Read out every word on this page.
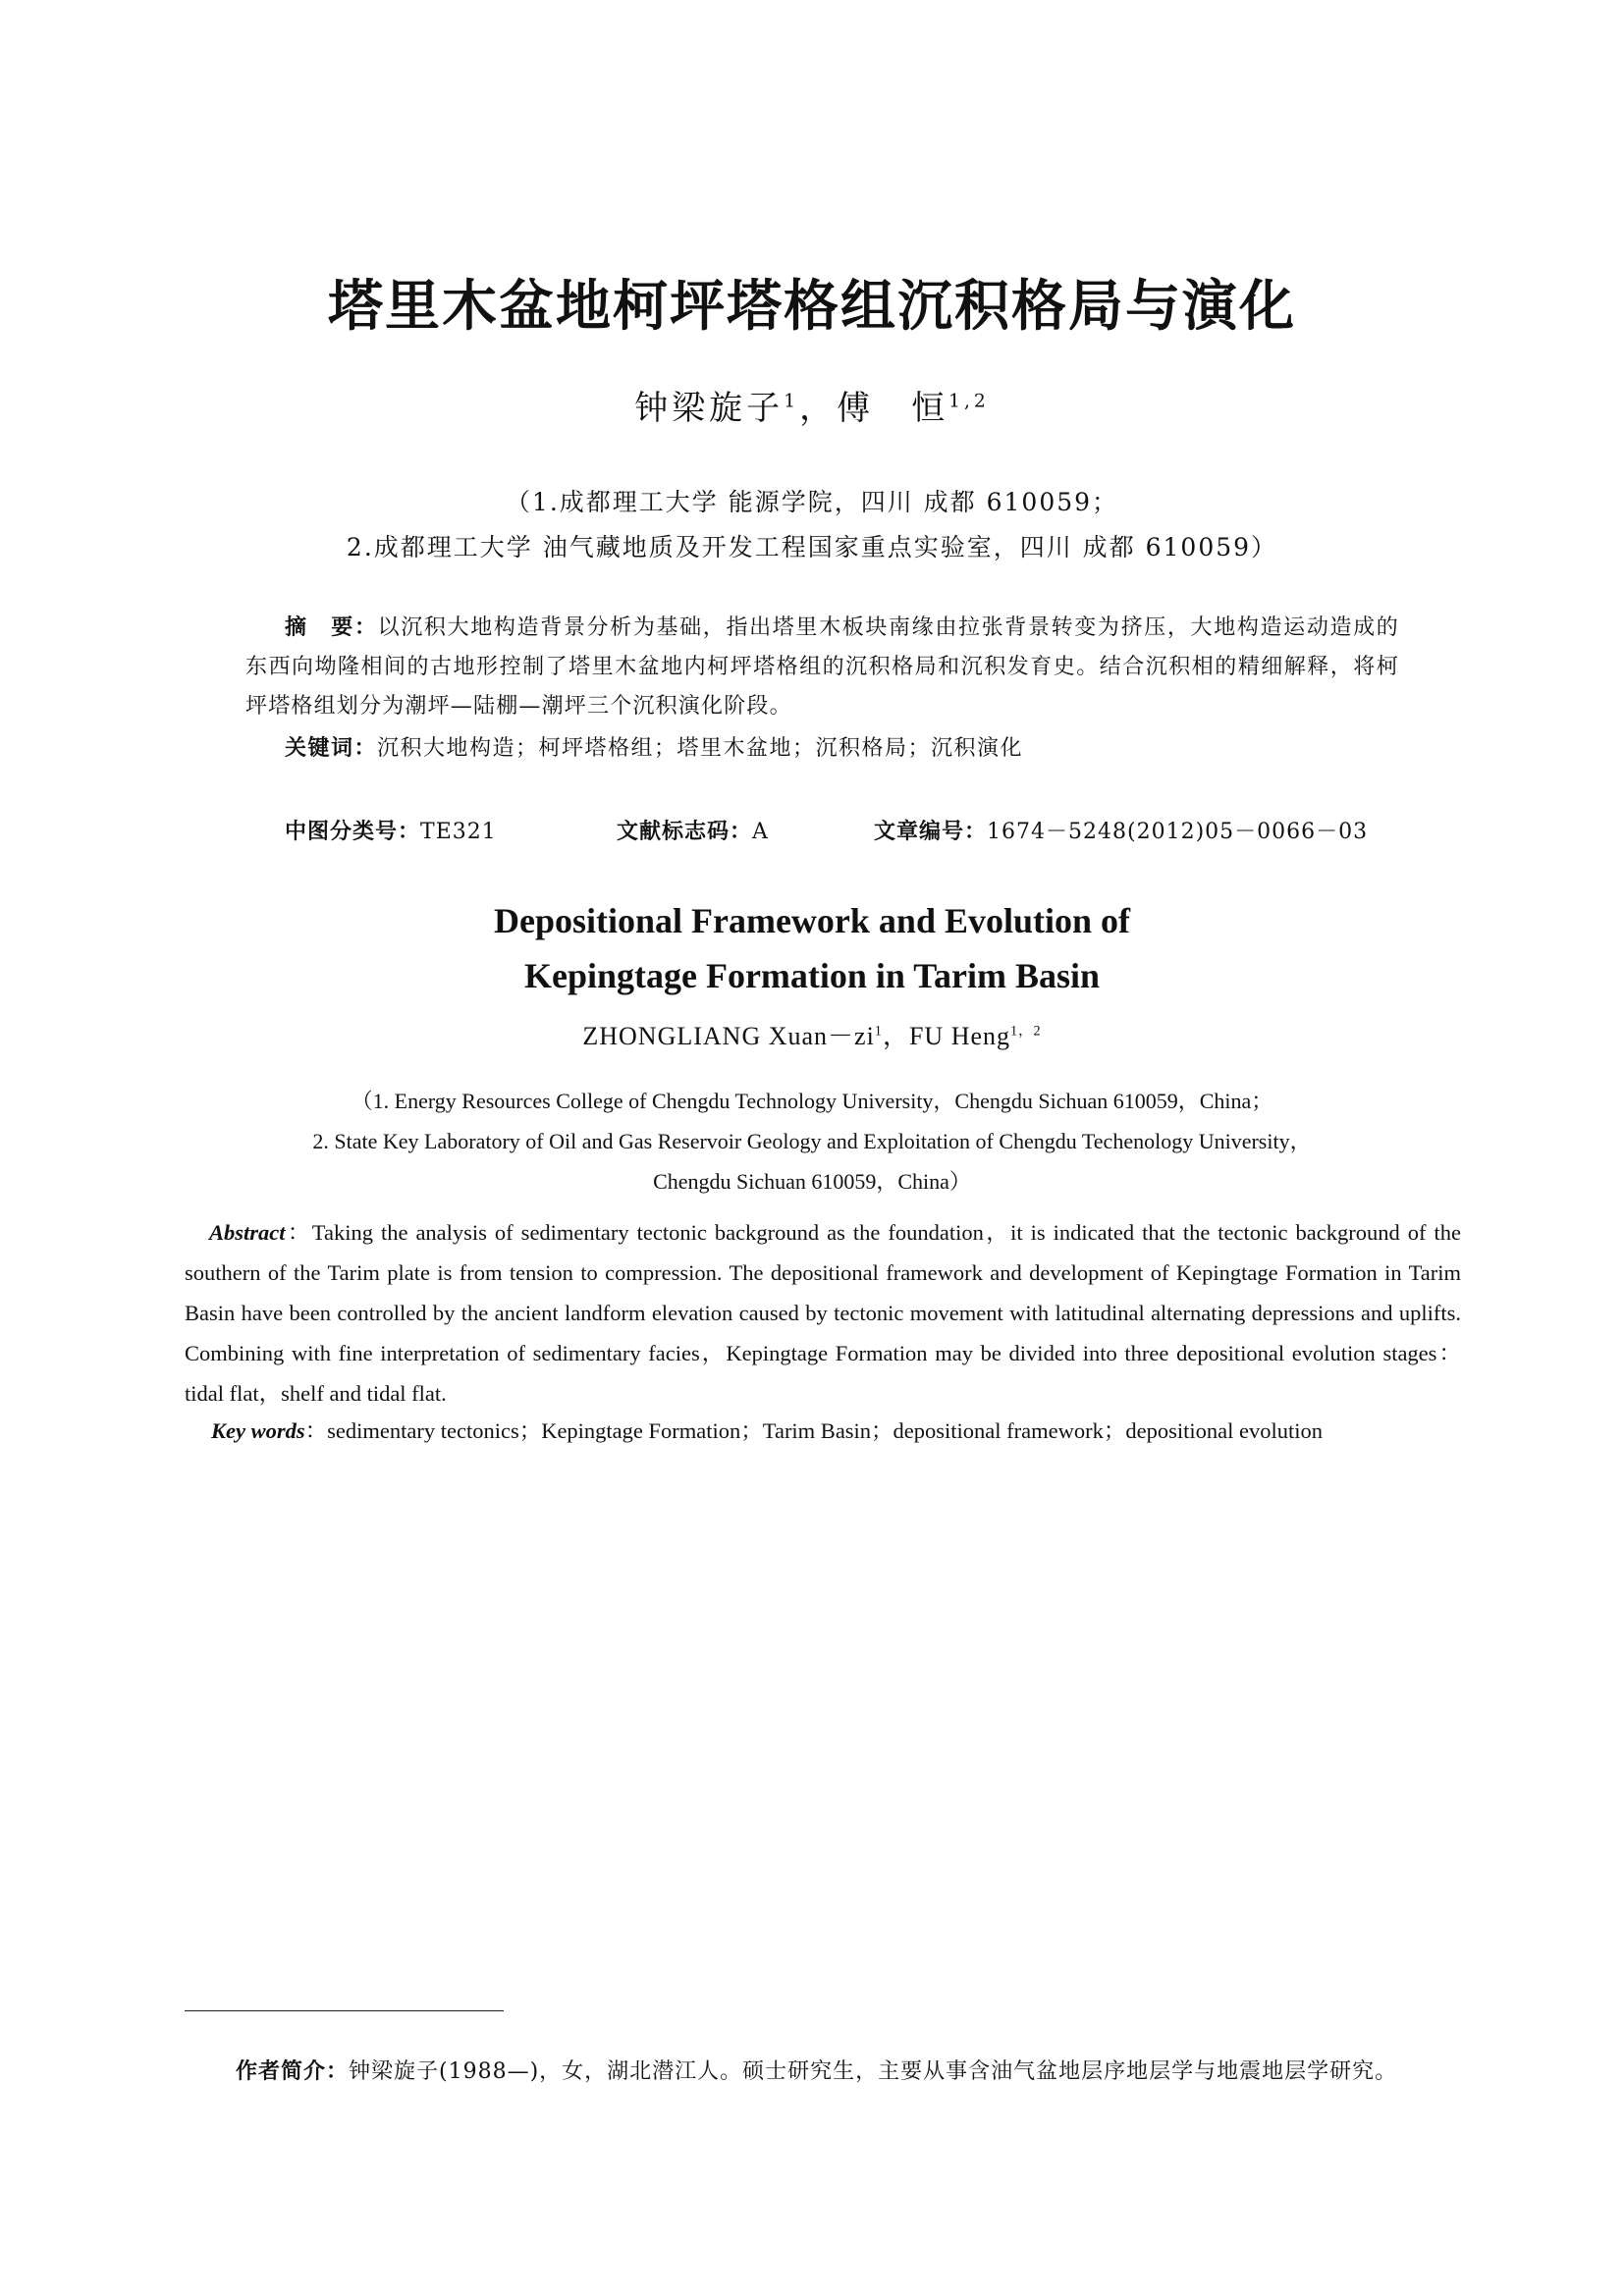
塔里木盆地柯坪塔格组沉积格局与演化
钟梁旋子$^1$，傅　恒$^{1,2}$
（1.成都理工大学 能源学院，四川 成都 610059；
2.成都理工大学 油气藏地质及开发工程国家重点实验室，四川 成都 610059）
摘　要：以沉积大地构造背景分析为基础，指出塔里木板块南缘由拉张背景转变为挤压，大地构造运动造成的东西向坳隆相间的古地形控制了塔里木盆地内柯坪塔格组的沉积格局和沉积发育史。结合沉积相的精细解释，将柯坪塔格组划分为潮坪—陆棚—潮坪三个沉积演化阶段。
关键词：沉积大地构造；柯坪塔格组；塔里木盆地；沉积格局；沉积演化
中图分类号：TE321	文献标志码：A	文章编号：1674－5248(2012)05－0066－03
Depositional Framework and Evolution of
Kepingtage Formation in Tarim Basin
ZHONGLIANG $Xuan-zi^1$，FU Heng$^{1,2}$
（1. Energy Resources College of Chengdu Technology University，Chengdu Sichuan 610059，China；
2. State Key Laboratory of Oil and Gas Reservoir Geology and Exploitation of Chengdu Techenology University，
Chengdu Sichuan 610059，China）
Abstract：Taking the analysis of sedimentary tectonic background as the foundation，it is indicated that the tectonic background of the southern of the Tarim plate is from tension to compression. The depositional framework and development of Kepingtage Formation in Tarim Basin have been controlled by the ancient landform elevation caused by tectonic movement with latitudinal alternating depressions and uplifts. Combining with fine interpretation of sedimentary facies，Kepingtage Formation may be divided into three depositional evolution stages：tidal flat，shelf and tidal flat.
Key words：sedimentary tectonics；Kepingtage Formation；Tarim Basin；depositional framework；depositional evolution
作者简介：钟梁旋子(1988—)，女，湖北潜江人。硕士研究生，主要从事含油气盆地层序地层学与地震地层学研究。
